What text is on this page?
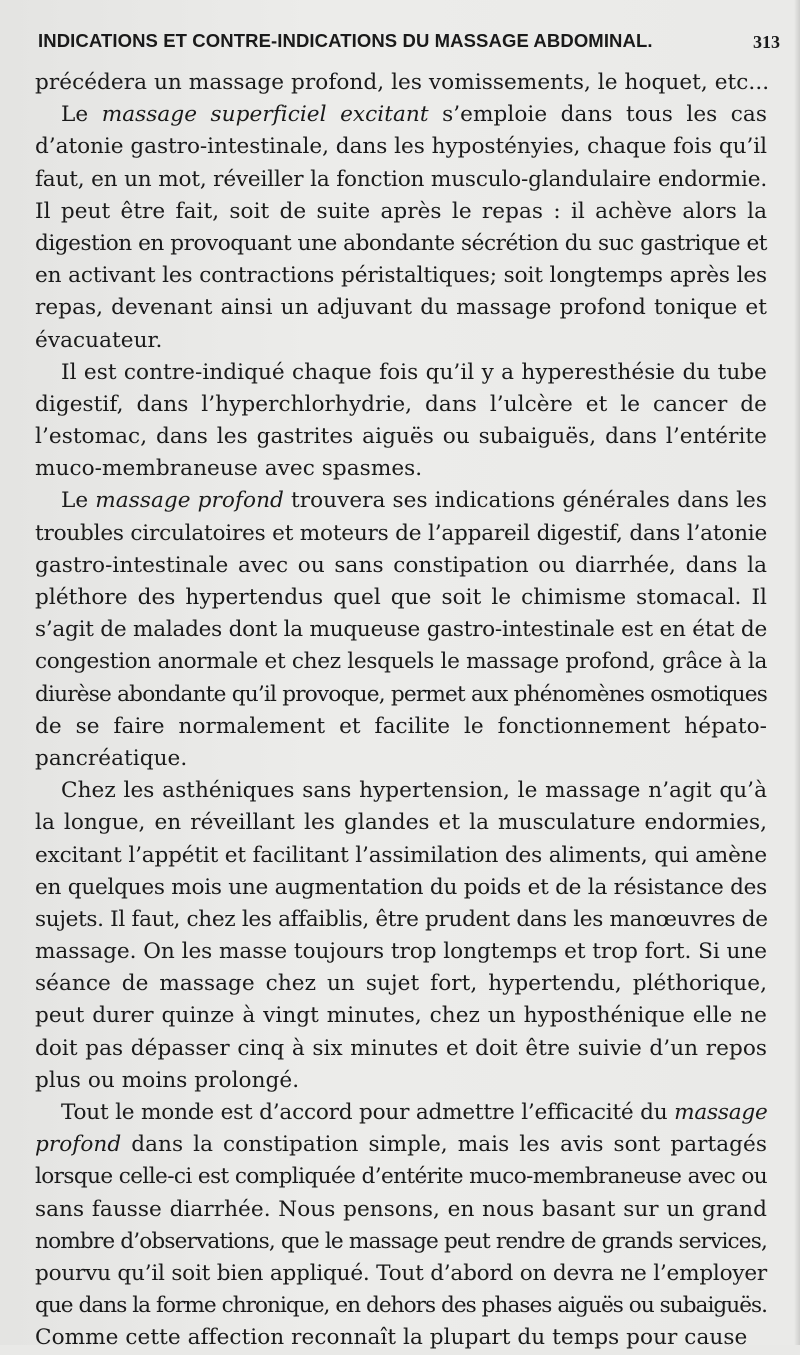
INDICATIONS ET CONTRE-INDICATIONS DU MASSAGE ABDOMINAL.	313
précédera un massage profond, les vomissements, le hoquet, etc...
Le massage superficiel excitant s’emploie dans tous les cas
d’atonie gastro-intestinale, dans les hypostényies, chaque fois qu’il
faut, en un mot, réveiller la fonction musculo-glandulaire endormie.
Il peut être fait, soit de suite après le repas : il achève alors la
digestion en provoquant une abondante sécrétion du suc gastrique et
en activant les contractions péristaltiques; soit longtemps après les
repas, devenant ainsi un adjuvant du massage profond tonique et
évacuateur.
Il est contre-indiqué chaque fois qu’il y a hyperesthésie du tube
digestif, dans l’hyperchlorhydrie, dans l’ulcère et le cancer de
l’estomac, dans les gastrites aiguës ou subaiguës, dans l’entérite
muco-membraneuse avec spasmes.
Le massage profond trouvera ses indications générales dans les
troubles circulatoires et moteurs de l’appareil digestif, dans l’atonie
gastro-intestinale avec ou sans constipation ou diarrhée, dans la
pléthore des hypertendus quel que soit le chimisme stomacal. Il
s’agit de malades dont la muqueuse gastro-intestinale est en état de
congestion anormale et chez lesquels le massage profond, grâce à la
diurèse abondante qu’il provoque, permet aux phénomènes osmotiques
de se faire normalement et facilite le fonctionnement hépato-
pancréatique.
Chez les asthéniques sans hypertension, le massage n’agit qu’à
la longue, en réveillant les glandes et la musculature endormies,
excitant l’appétit et facilitant l’assimilation des aliments, qui amène
en quelques mois une augmentation du poids et de la résistance des
sujets. Il faut, chez les affaiblis, être prudent dans les manœuvres de
massage. On les masse toujours trop longtemps et trop fort. Si une
séance de massage chez un sujet fort, hypertendu, pléthorique,
peut durer quinze à vingt minutes, chez un hyposthénique elle ne
doit pas dépasser cinq à six minutes et doit être suivie d’un repos
plus ou moins prolongé.
Tout le monde est d’accord pour admettre l’efficacité du massage
profond dans la constipation simple, mais les avis sont partagés
lorsque celle-ci est compliquée d’entérite muco-membraneuse avec ou
sans fausse diarrhée. Nous pensons, en nous basant sur un grand
nombre d’observations, que le massage peut rendre de grands services,
pourvu qu’il soit bien appliqué. Tout d’abord on devra ne l’employer
que dans la forme chronique, en dehors des phases aiguës ou subaiguës.
Comme cette affection reconnaît la plupart du temps pour cause
